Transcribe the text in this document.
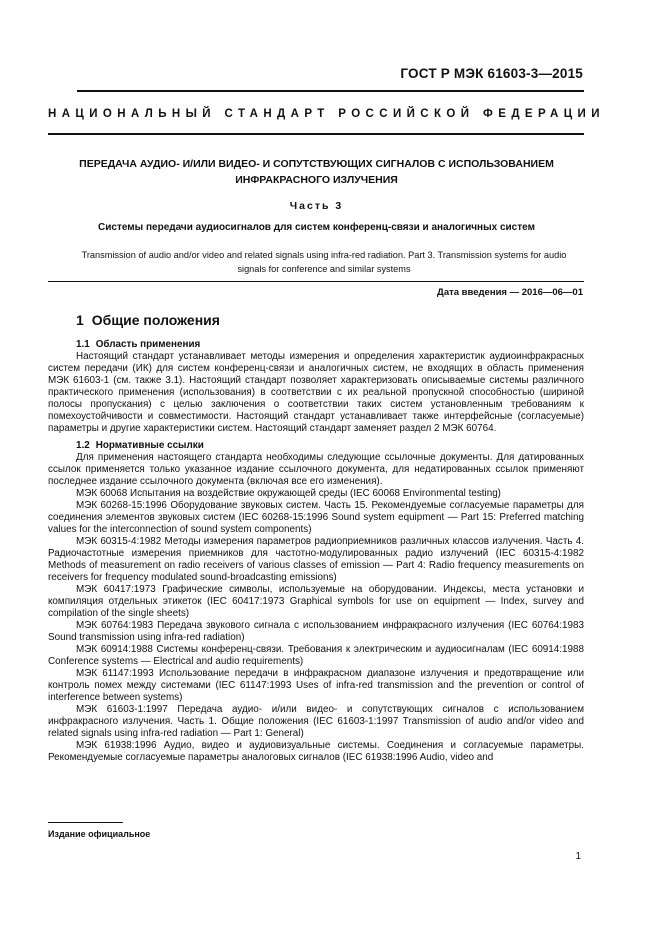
ГОСТ Р МЭК 61603-3—2015
НАЦИОНАЛЬНЫЙ СТАНДАРТ РОССИЙСКОЙ ФЕДЕРАЦИИ
ПЕРЕДАЧА АУДИО- И/ИЛИ ВИДЕО- И СОПУТСТВУЮЩИХ СИГНАЛОВ С ИСПОЛЬЗОВАНИЕМ
ИНФРАКРАСНОГО ИЗЛУЧЕНИЯ
Часть 3
Системы передачи аудиосигналов для систем конференц-связи и аналогичных систем
Transmission of audio and/or video and related signals using infra-red radiation. Part 3. Transmission systems for audio
signals for conference and similar systems
Дата введения — 2016—06—01
1 Общие положения
1.1 Область применения

Настоящий стандарт устанавливает методы измерения и определения характеристик аудиоинфракрасных систем передачи (ИК) для систем конференц-связи и аналогичных систем, не входящих в область применения МЭК 61603-1 (см. также 3.1). Настоящий стандарт позволяет характеризовать описываемые системы различного практического применения (использования) в соответствии с их реальной пропускной способностью (шириной полосы пропускания) с целью заключения о соответствии таких систем установленным требованиям к помехоустойчивости и совместимости. Настоящий стандарт устанавливает также интерфейсные (согласуемые) параметры и другие характеристики систем. Настоящий стандарт заменяет раздел 2 МЭК 60764.

1.2 Нормативные ссылки

Для применения настоящего стандарта необходимы следующие ссылочные документы. Для датированных ссылок применяется только указанное издание ссылочного документа, для недатированных ссылок применяют последнее издание ссылочного документа (включая все его изменения).

МЭК 60068 Испытания на воздействие окружающей среды (IEC 60068 Environmental testing)

МЭК 60268-15:1996 Оборудование звуковых систем. Часть 15. Рекомендуемые согласуемые параметры для соединения элементов звуковых систем (IEC 60268-15:1996 Sound system equipment — Part 15: Preferred matching values for the interconnection of sound system components)

МЭК 60315-4:1982 Методы измерения параметров радиоприемников различных классов излучения. Часть 4. Радиочастотные измерения приемников для частотно-модулированных радио излучений (IEC 60315-4:1982 Methods of measurement on radio receivers of various classes of emission — Part 4: Radio frequency measurements on receivers for frequency modulated sound-broadcasting emissions)

МЭК 60417:1973 Графические символы, используемые на оборудовании. Индексы, места установки и компиляция отдельных этикеток (IEC 60417:1973 Graphical symbols for use on equipment — Index, survey and compilation of the single sheets)

МЭК 60764:1983 Передача звукового сигнала с использованием инфракрасного излучения (IEC 60764:1983 Sound transmission using infra-red radiation)

МЭК 60914:1988 Системы конференц-связи. Требования к электрическим и аудиосигналам (IEC 60914:1988 Conference systems — Electrical and audio requirements)

МЭК 61147:1993 Использование передачи в инфракрасном диапазоне излучения и предотвращение или контроль помех между системами (IEC 61147:1993 Uses of infra-red transmission and the prevention or control of interference between systems)

МЭК 61603-1:1997 Передача аудио- и/или видео- и сопутствующих сигналов с использованием инфракрасного излучения. Часть 1. Общие положения (IEC 61603-1:1997 Transmission of audio and/or video and related signals using infra-red radiation — Part 1: General)

МЭК 61938:1996 Аудио, видео и аудиовизуальные системы. Соединения и согласуемые параметры. Рекомендуемые согласуемые параметры аналоговых сигналов (IEC 61938:1996 Audio, video and

Издание официальное
1
